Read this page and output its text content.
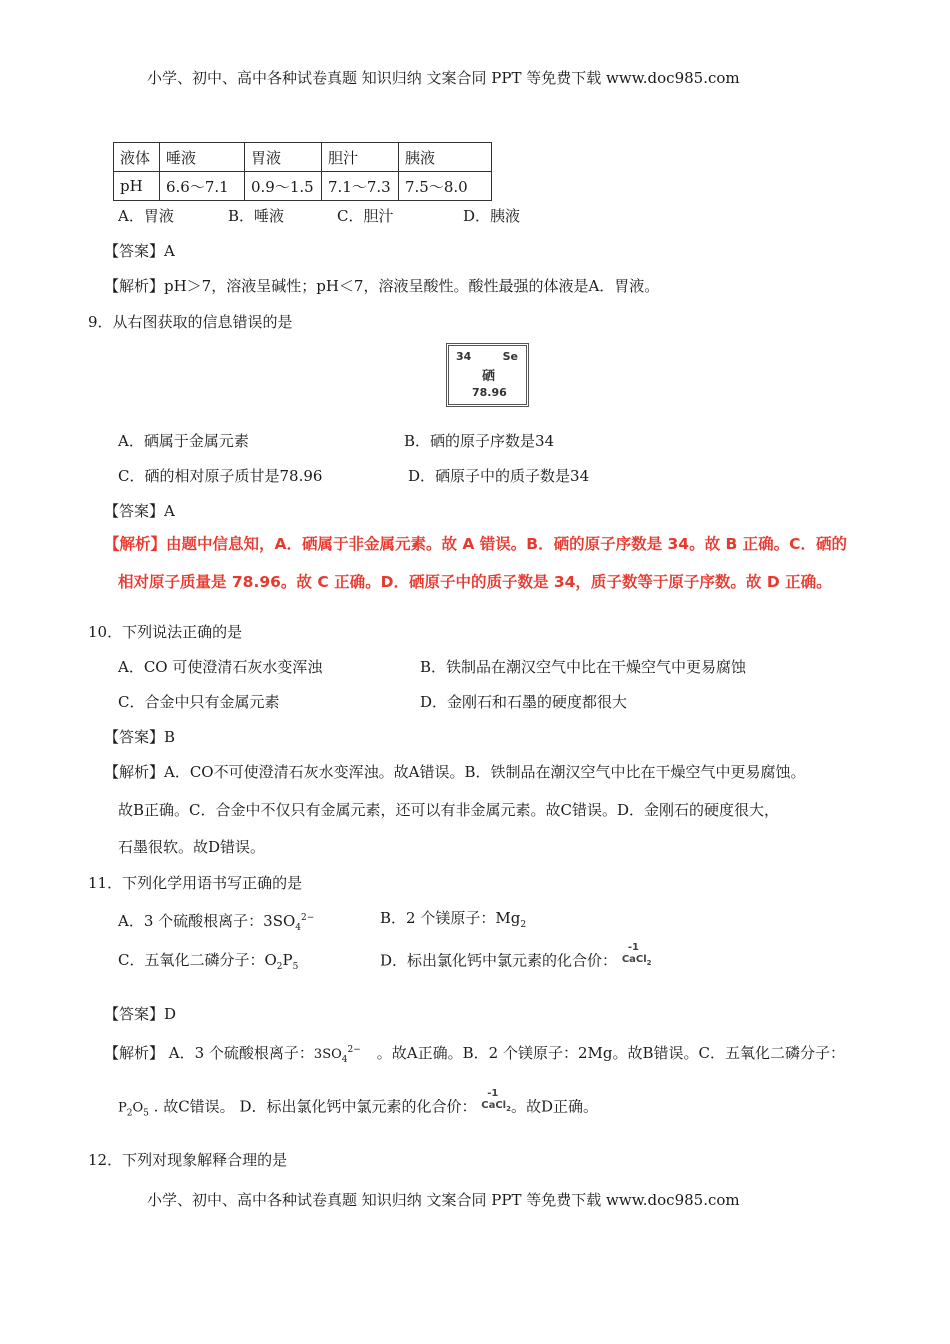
小学、初中、高中各种试卷真题 知识归纳 文案合同 PPT 等免费下载 www.doc985.com
液体	唾液	胃液	胆汁	胰液
pH	6.6～7.1	0.9～1.5	7.1～7.3	7.5～8.0
A．胃液	B．唾液	C．胆汁	D．胰液
【答案】A
【解析】pH＞7，溶液呈碱性；pH＜7，溶液呈酸性。酸性最强的体液是A．胃液。
9．从右图获取的信息错误的是
34	Se
硒
78.96
A．硒属于金属元素	B．硒的原子序数是34
C．硒的相对原子质甘是78.96	D．硒原子中的质子数是34
【答案】A
【解析】由题中信息知，A．硒属于非金属元素。故 A 错误。B．硒的原子序数是 34。故 B 正确。C．硒的
相对原子质量是 78.96。故 C 正确。D．硒原子中的质子数是 34，质子数等于原子序数。故 D 正确。
10．下列说法正确的是
A．CO 可使澄清石灰水变浑浊	B．铁制品在潮汉空气中比在干燥空气中更易腐蚀
C．合金中只有金属元素	D．金刚石和石墨的硬度都很大
【答案】B
【解析】A．CO不可使澄清石灰水变浑浊。故A错误。B．铁制品在潮汉空气中比在干燥空气中更易腐蚀。
故B正确。C．合金中不仅只有金属元素，还可以有非金属元素。故C错误。D．金刚石的硬度很大，
石墨很软。故D错误。
11．下列化学用语书写正确的是
A．3 个硫酸根离子：$3SO_4^{2-}$	B．2 个镁原子：$Mg_2$
C．五氧化二磷分子：$O_2P_5$	D．标出氯化钙中氯元素的化合价：
-1
CaCl$_2$
【答案】D
【解析】 A．3 个硫酸根离子：$3SO_4^{2-}$ 。故A正确。B．2 个镁原子：2Mg。故B错误。C．五氧化二磷分子：
$P_2O_5$ . 故C错误。 D．标出氯化钙中氯元素的化合价：
-1
CaCl$_2$。故D正确。
12．下列对现象解释合理的是
小学、初中、高中各种试卷真题 知识归纳 文案合同 PPT 等免费下载 www.doc985.com
